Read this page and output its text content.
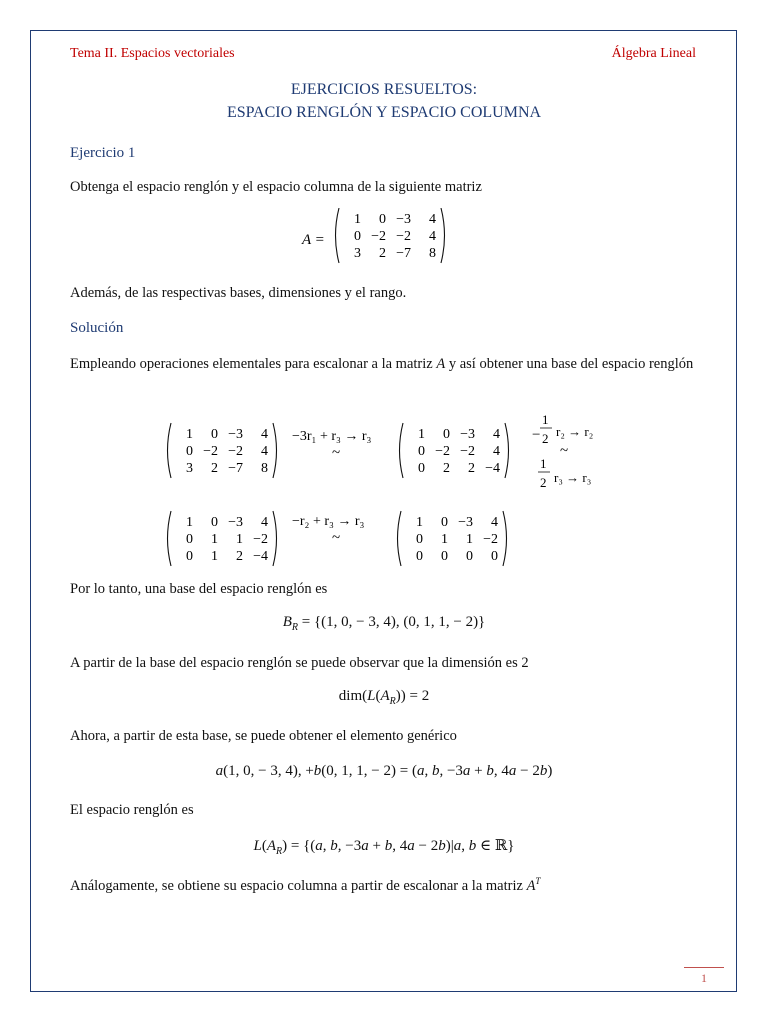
Tema II. Espacios vectoriales	Álgebra Lineal
EJERCICIOS RESUELTOS:
ESPACIO RENGLÓN Y ESPACIO COLUMNA
Ejercicio 1
Obtenga el espacio renglón y el espacio columna de la siguiente matriz
A =
1 0 −3 4
0 −2 −2 4
3 2 −7 8
Además, de las respectivas bases, dimensiones y el rango.
Solución
Empleando operaciones elementales para escalonar a la matriz A y así obtener una base del espacio renglón
1 0 −3 4
0 −2 −2 4
3 2 −7 8
−3r₁ + r₃ → r₃
~
1 0 −3 4
0 −2 −2 4
0 2 2 −4
−
1
2 r₂ → r₂
~
1
2 r₃ → r₃
1 0 −3 4
0 1 1 −2
0 1 2 −4
−r₂ + r₃ → r₃
~
1 0 −3 4
0 1 1 −2
0 0 0 0
Por lo tanto, una base del espacio renglón es
$B_R = \{(1$, 0, − 3, 4), (0, 1, 1, − 2)}
A partir de la base del espacio renglón se puede observar que la dimensión es 2
$dim(L(A_R)) = 2$
Ahora, a partir de esta base, se puede obtener el elemento genérico
a(1, 0, − 3, 4), +b(0, 1, 1, − 2) = (a, b, −3a + b, 4a − 2b)
El espacio renglón es
$L(A_R) = \{(a$, b, −3a + b, 4a − 2b)|a, b ∈ ℝ}
Análogamente, se obtiene su espacio columna a partir de escalonar a la matriz $A^T$
1
